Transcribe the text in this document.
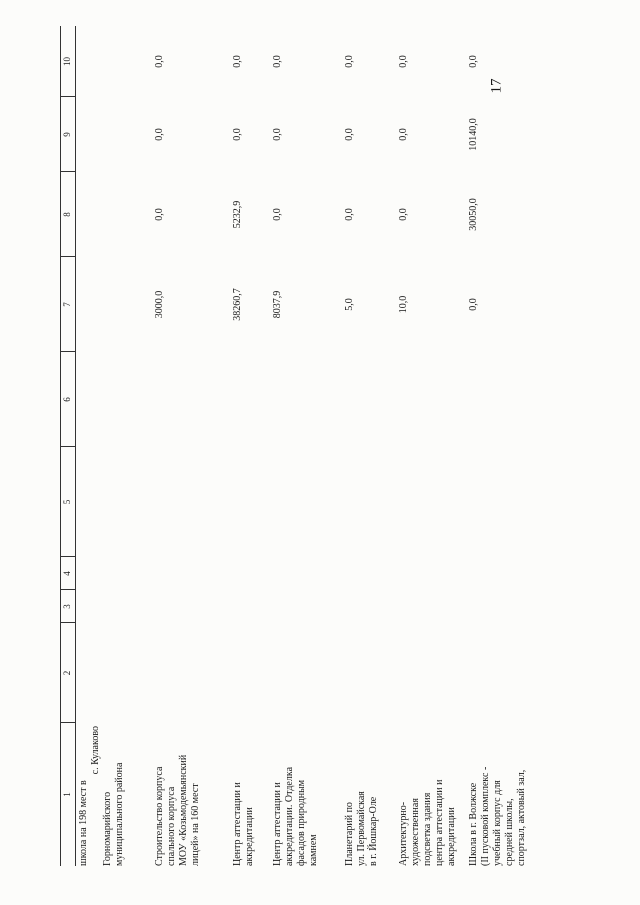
17
1
2
3
4
5
6
7
8
9
10
школа на 198 мест в
с. Кулаково
Горномарийского муниципального района	Строительство корпуса спального корпуса МОУ «Козьмодемьянский лицей» на 160 мест
3000,0
0,0
0,0
0,0
Центр аттестации и аккредитации
38260,7
5232,9
0,0
0,0
Центр аттестации и аккредитации. Отделка фасадов природным камнем
8037,9
0,0
0,0
0,0
Планетарий по ул. Первомайская в г. Йошкар-Оле
5,0
0,0
0,0
0,0
Архитектурно- художественная подсветка здания центра аттестации и аккредитации
10,0
0,0
0,0
0,0
Школа в г. Волжске (II пусковой комплекс - учебный корпус для средней школы, спортзал, актовый зал,
0,0
30050,0
10140,0
0,0
